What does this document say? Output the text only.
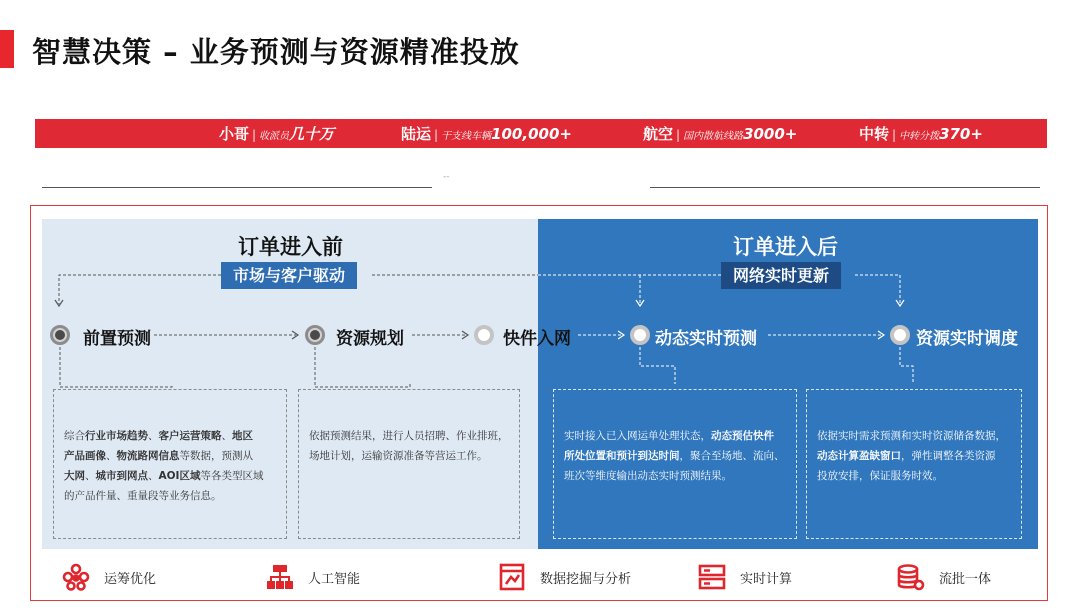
智慧决策 – 业务预测与资源精准投放
小哥 | 收派员几十万	陆运 | 干支线车辆100,000+	航空 | 国内散航线路3000+	中转 | 中转分拨370+
--
订单进入前
市场与客户驱动
订单进入后
网络实时更新
前置预测	资源规划	快件入网	动态实时预测	资源实时调度
综合行业市场趋势、客户运营策略、地区
产品画像、物流路网信息等数据，预测从
大网、城市到网点、AOI区域等各类型区域
的产品件量、重量段等业务信息。
依据预测结果，进行人员招聘、作业排班，
场地计划，运输资源准备等营运工作。
实时接入已入网运单处理状态，动态预估快件
所处位置和预计到达时间，聚合至场地、流向、
班次等维度输出动态实时预测结果。
依据实时需求预测和实时资源储备数据，
动态计算盈缺窗口，弹性调整各类资源
投放安排，保证服务时效。
运筹优化	人工智能	数据挖掘与分析	实时计算	流批一体
